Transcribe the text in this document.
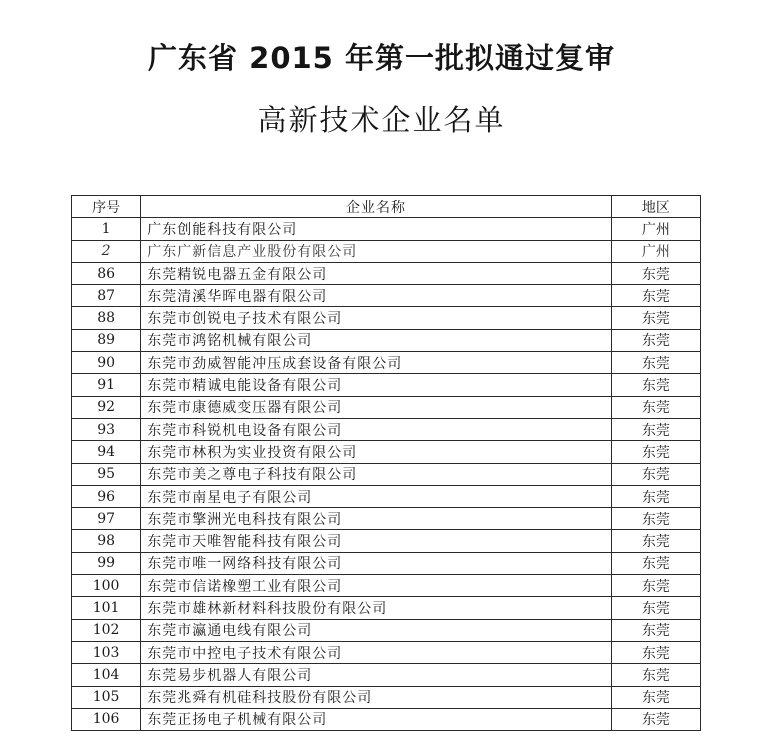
广东省 2015 年第一批拟通过复审
高新技术企业名单
序号	企业名称	地区
1	广东创能科技有限公司	广州
2	广东广新信息产业股份有限公司	广州
86	东莞精锐电器五金有限公司	东莞
87	东莞清溪华晖电器有限公司	东莞
88	东莞市创锐电子技术有限公司	东莞
89	东莞市鸿铭机械有限公司	东莞
90	东莞市劲威智能冲压成套设备有限公司	东莞
91	东莞市精诚电能设备有限公司	东莞
92	东莞市康德威变压器有限公司	东莞
93	东莞市科锐机电设备有限公司	东莞
94	东莞市林积为实业投资有限公司	东莞
95	东莞市美之尊电子科技有限公司	东莞
96	东莞市南星电子有限公司	东莞
97	东莞市擎洲光电科技有限公司	东莞
98	东莞市天唯智能科技有限公司	东莞
99	东莞市唯一网络科技有限公司	东莞
100	东莞市信诺橡塑工业有限公司	东莞
101	东莞市雄林新材料科技股份有限公司	东莞
102	东莞市瀛通电线有限公司	东莞
103	东莞市中控电子技术有限公司	东莞
104	东莞易步机器人有限公司	东莞
105	东莞兆舜有机硅科技股份有限公司	东莞
106	东莞正扬电子机械有限公司	东莞
